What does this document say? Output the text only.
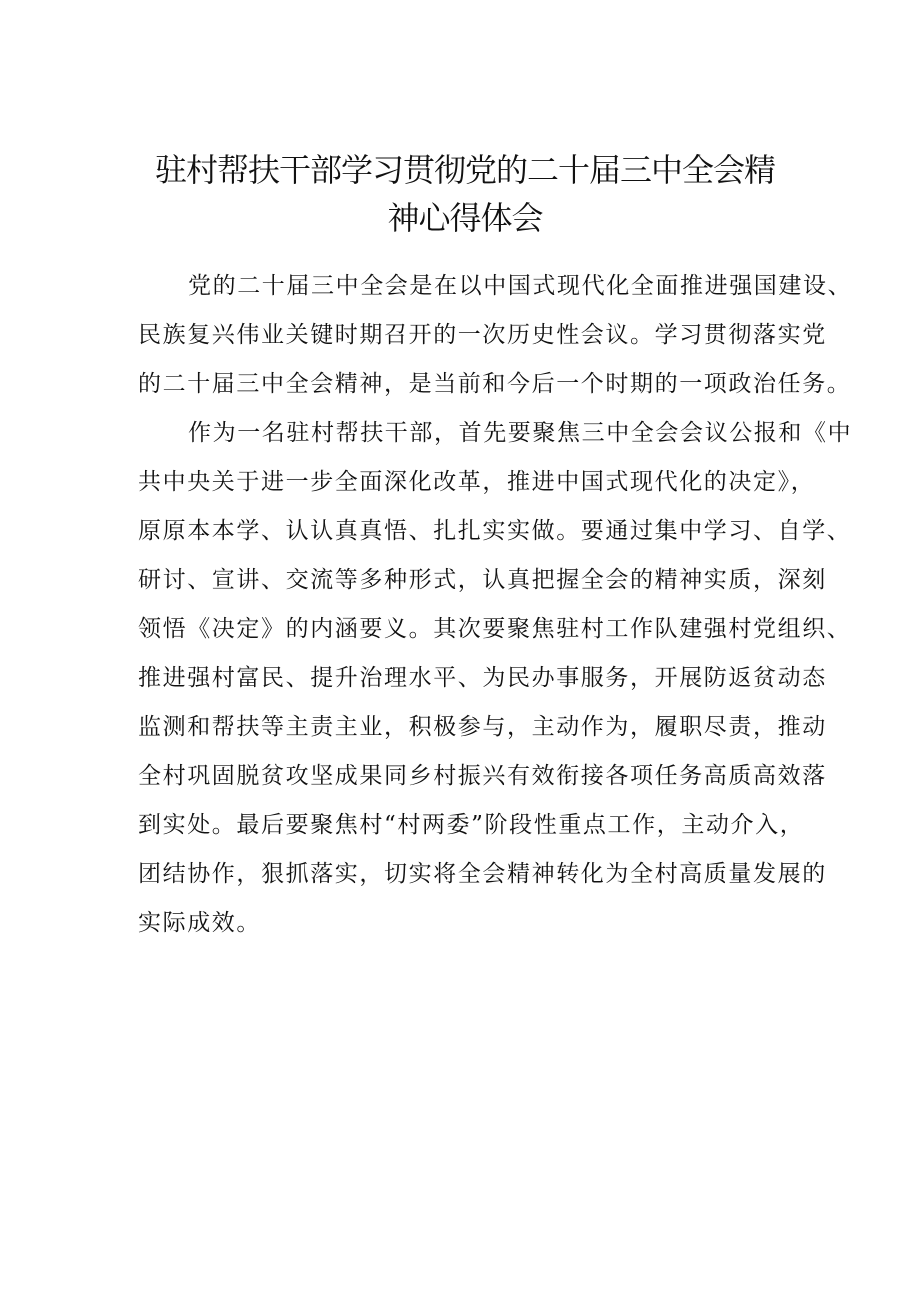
驻村帮扶干部学习贯彻党的二十届三中全会精
神心得体会

党的二十届三中全会是在以中国式现代化全面推进强国建设、
民族复兴伟业关键时期召开的一次历史性会议。学习贯彻落实党
的二十届三中全会精神，是当前和今后一个时期的一项政治任务。

作为一名驻村帮扶干部，首先要聚焦三中全会会议公报和《中
共中央关于进一步全面深化改革，推进中国式现代化的决定》，
原原本本学、认认真真悟、扎扎实实做。要通过集中学习、自学、
研讨、宣讲、交流等多种形式，认真把握全会的精神实质，深刻
领悟《决定》的内涵要义。其次要聚焦驻村工作队建强村党组织、
推进强村富民、提升治理水平、为民办事服务，开展防返贫动态
监测和帮扶等主责主业，积极参与，主动作为，履职尽责，推动
全村巩固脱贫攻坚成果同乡村振兴有效衔接各项任务高质高效落
到实处。最后要聚焦村“村两委”阶段性重点工作，主动介入，
团结协作，狠抓落实，切实将全会精神转化为全村高质量发展的
实际成效。
